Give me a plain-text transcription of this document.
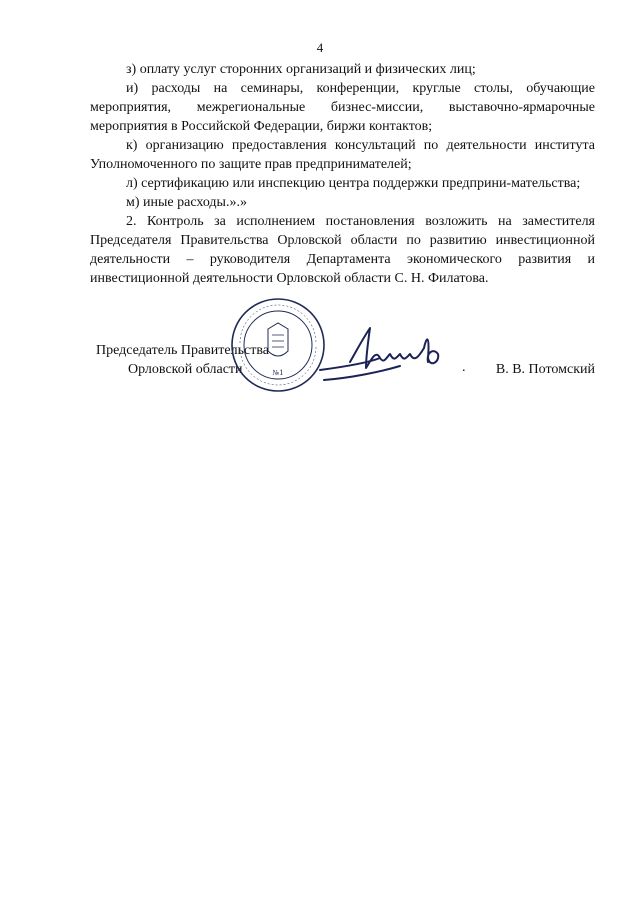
4

з) оплату услуг сторонних организаций и физических лиц;

и) расходы на семинары, конференции, круглые столы, обучающие мероприятия, межрегиональные бизнес-миссии, выставочно-ярмарочные мероприятия в Российской Федерации, биржи контактов;

к) организацию предоставления консультаций по деятельности института Уполномоченного по защите прав предпринимателей;

л) сертификацию или инспекцию центра поддержки предприни-мательства;

м) иные расходы.».»

2. Контроль за исполнением постановления возложить на заместителя Председателя Правительства Орловской области по развитию инвестиционной деятельности – руководителя Департамента экономического развития и инвестиционной деятельности Орловской области С. Н. Филатова.

Председатель Правительства
Орловской области	В. В. Потомский
№1	.
